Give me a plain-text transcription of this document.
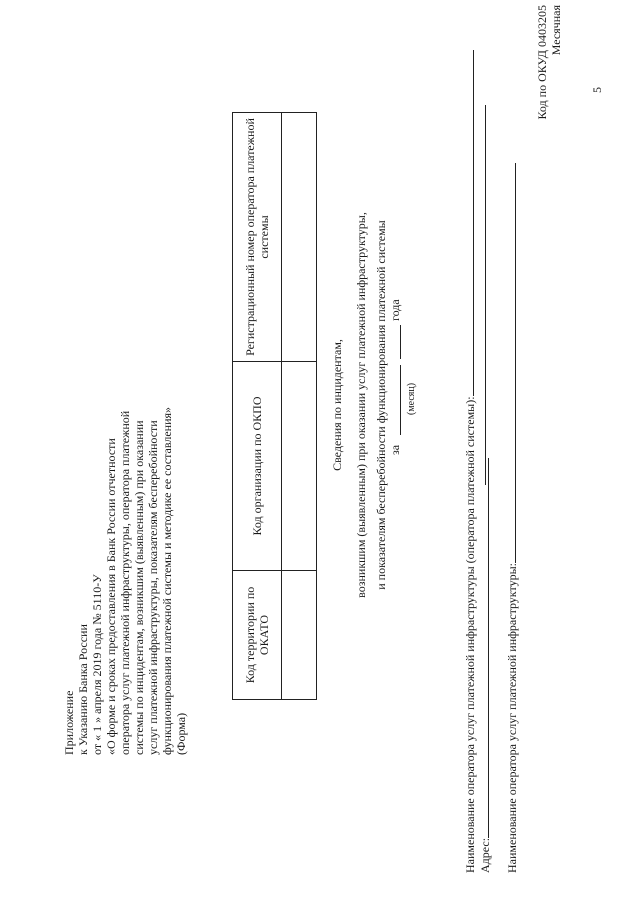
Приложение к Указанию Банка России от « 1 » апреля 2019 года № 5110-У «О форме и сроках предоставления в Банк России отчетности оператора услуг платежной инфраструктуры, оператора платежной системы по инцидентам, возникшим (выявленным) при оказании услуг платежной инфраструктуры, показателям бесперебойности функционирования платежной системы и методике ее составления» (Форма)
Код территории по ОКАТО	Код организации по ОКПО	Регистрационный номер оператора платежной системы

Сведения по инцидентам, возникшим (выявленным) при оказании услуг платежной инфраструктуры, и показателям бесперебойности функционирования платежной системы за
(месяц)
года
Наименование оператора услуг платежной инфраструктуры (оператора платежной системы): Адрес: Наименование оператора услуг платежной инфраструктуры:
Код по ОКУД 0403205 Месячная
5
